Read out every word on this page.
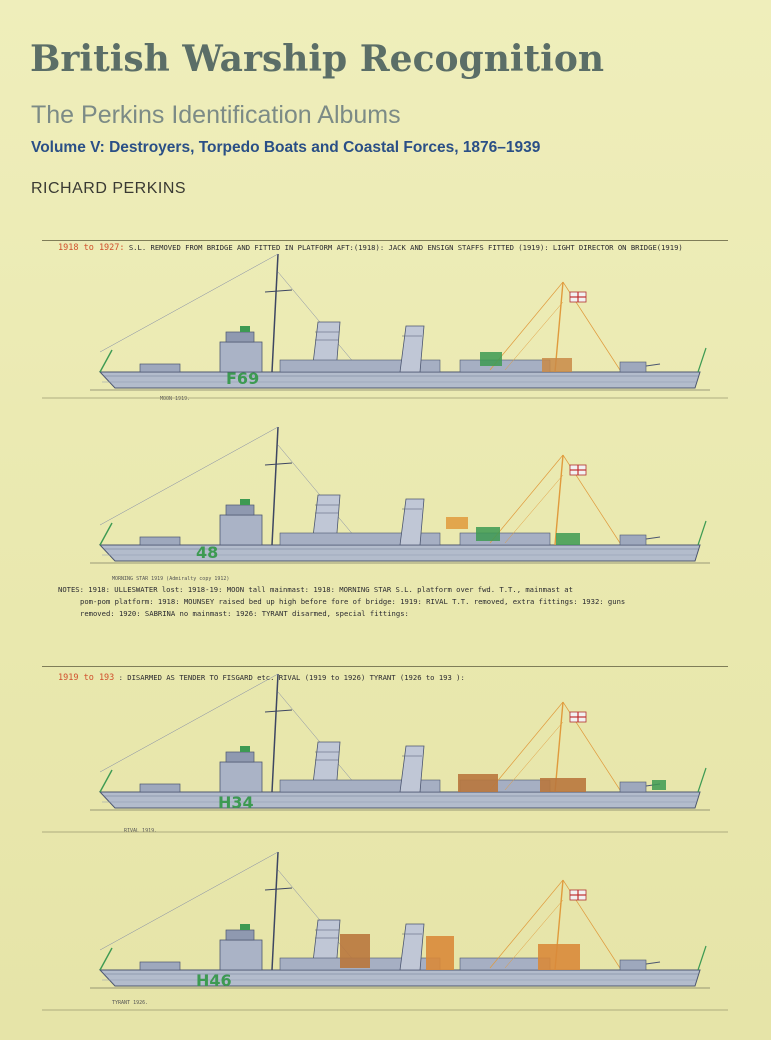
British Warship Recognition
The Perkins Identification Albums
Volume V: Destroyers, Torpedo Boats and Coastal Forces, 1876–1939
RICHARD PERKINS
1918 to 1927: S.L. REMOVED FROM BRIDGE AND FITTED IN PLATFORM AFT:(1918): JACK AND ENSIGN STAFFS FITTED (1919): LIGHT DIRECTOR ON BRIDGE(1919)
1919 to 193 : DISARMED AS TENDER TO FISGARD etc. RIVAL (1919 to 1926) TYRANT (1926 to 193 ):
NOTES: 1918: ULLESWATER lost: 1918-19: MOON tall mainmast: 1918: MORNING STAR S.L. platform over fwd. T.T., mainmast at
pom-pom platform: 1918: MOUNSEY raised bed up high before fore of bridge: 1919: RIVAL T.T. removed, extra fittings: 1932: guns
removed: 1920: SABRINA no mainmast: 1926: TYRANT disarmed, special fittings:
F69
48
H34
H46
MOON 1919.
MORNING STAR 1919 (Admiralty copy 1912)
RIVAL 1919.
TYRANT 1926.
